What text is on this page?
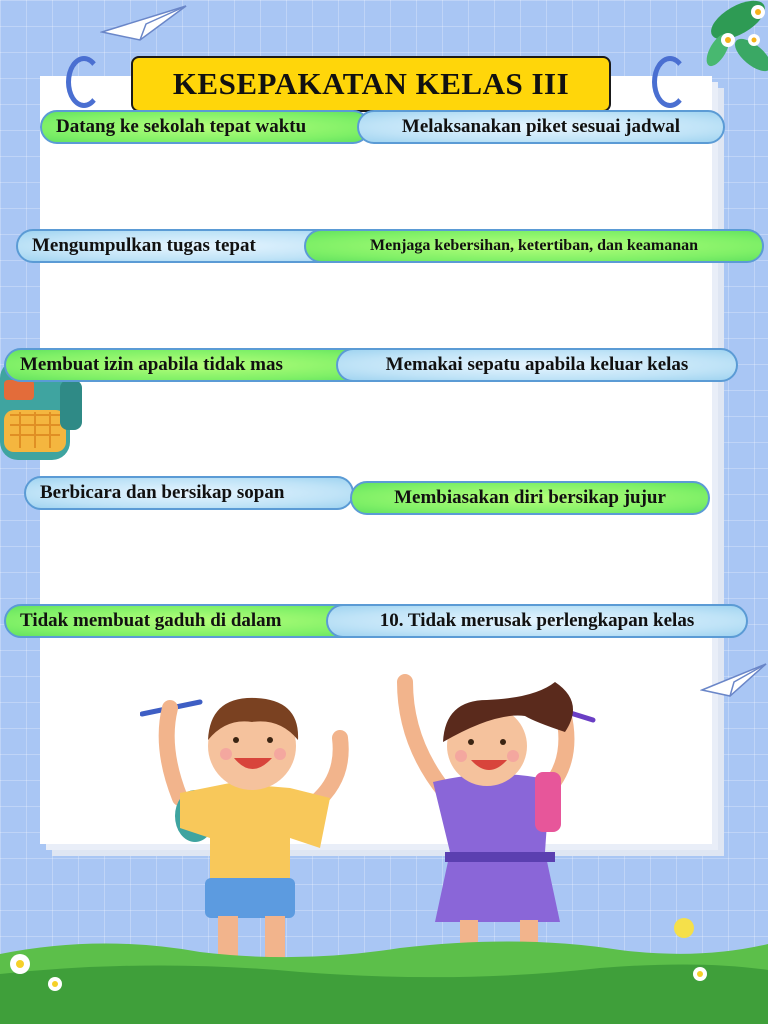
KESEPAKATAN KELAS III
Datang ke sekolah tepat waktu	Melaksanakan piket sesuai jadwal
Mengumpulkan tugas tepat	Menjaga kebersihan, ketertiban, dan keamanan
Membuat izin apabila tidak mas	Memakai sepatu apabila keluar kelas
Berbicara dan bersikap sopan	Membiasakan diri bersikap jujur
Tidak membuat gaduh di dalam	10. Tidak merusak perlengkapan kelas
